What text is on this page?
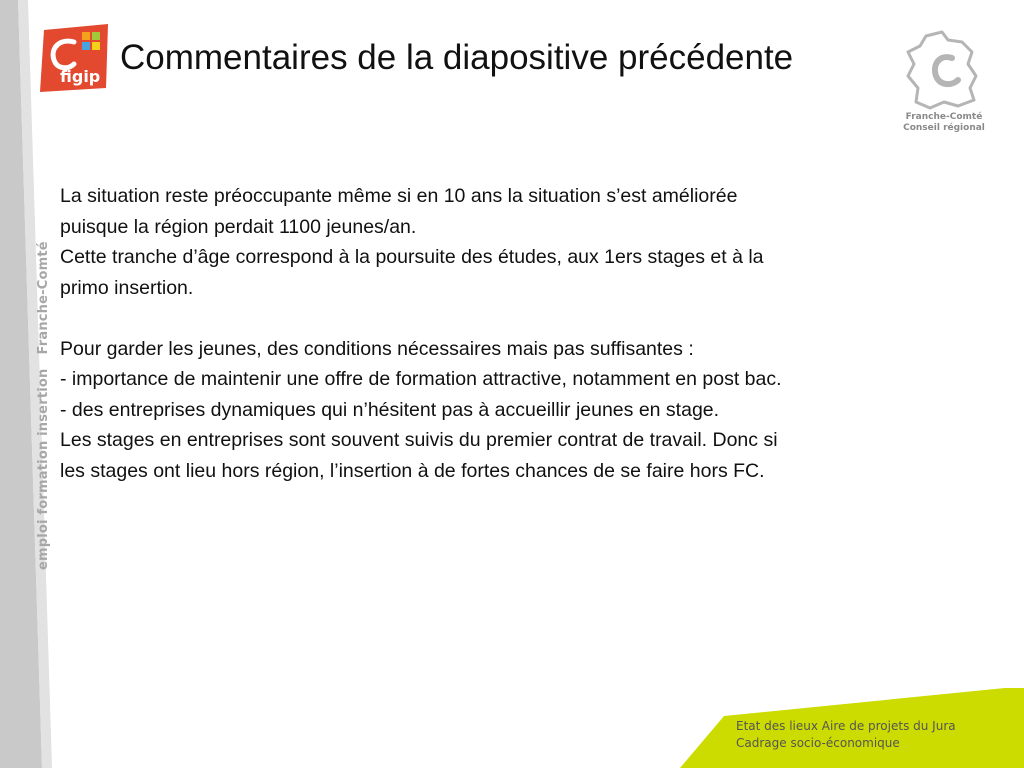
emploi formation insertionFranche-Comté
figip Commentaires de la diapositive précédente
Franche-Comté
Conseil régional

La situation reste préoccupante même si en 10 ans la situation s’est améliorée

puisque la région perdait 1100 jeunes/an.

Cette tranche d’âge correspond à la poursuite des études, aux 1ers stages et à la

primo insertion.

Pour garder les jeunes, des conditions nécessaires mais pas suffisantes :

- importance de maintenir une offre de formation attractive, notamment en post bac.

- des entreprises dynamiques qui n’hésitent pas à accueillir jeunes en stage.

Les stages en entreprises sont souvent suivis du premier contrat de travail. Donc si

les stages ont lieu hors région, l’insertion à de fortes chances de se faire hors FC.

Etat des lieux Aire de projets du Jura
Cadrage socio-économique
